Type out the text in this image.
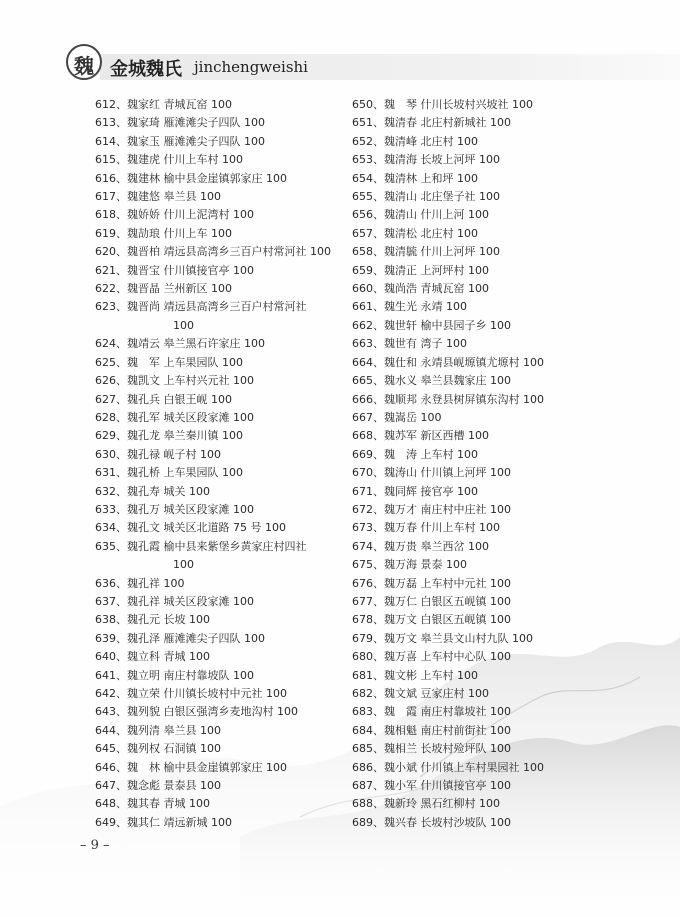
魏 金城魏氏 jinchengweishi
612、魏家红 青城瓦窑 100
613、魏家琦 雁滩滩尖子四队 100
614、魏家玉 雁滩滩尖子四队 100
615、魏建虎 什川上车村 100
616、魏建林 榆中县金崖镇郭家庄 100
617、魏建悠 皋兰县 100
618、魏娇娇 什川上泥湾村 100
619、魏劼琅 什川上车 100
620、魏晋柏 靖远县高湾乡三百户村常河社 100
621、魏晋宝 什川镇接官亭 100
622、魏晋晶 兰州新区 100
623、魏晋尚 靖远县高湾乡三百户村常河社
100
624、魏靖云 皋兰黑石许家庄 100
625、魏　军 上车果园队 100
626、魏凯文 上车村兴元社 100
627、魏孔兵 白银王岘 100
628、魏孔军 城关区段家滩 100
629、魏孔龙 皋兰秦川镇 100
630、魏孔禄 岘子村 100
631、魏孔桥 上车果园队 100
632、魏孔寿 城关 100
633、魏孔万 城关区段家滩 100
634、魏孔文 城关区北道路 75 号 100
635、魏孔霞 榆中县来紫堡乡黄家庄村四社
100
636、魏孔祥 100
637、魏孔祥 城关区段家滩 100
638、魏孔元 长坡 100
639、魏孔泽 雁滩滩尖子四队 100
640、魏立科 青城 100
641、魏立明 南庄村靠坡队 100
642、魏立荣 什川镇长坡村中元社 100
643、魏列貌 白银区强湾乡麦地沟村 100
644、魏列清 皋兰县 100
645、魏列权 石洞镇 100
646、魏　林 榆中县金崖镇郭家庄 100
647、魏念彪 景泰县 100
648、魏其春 青城 100
649、魏其仁 靖远新城 100
650、魏　琴 什川长坡村兴坡社 100
651、魏清春 北庄村新城社 100
652、魏清峰 北庄村 100
653、魏清海 长坡上河坪 100
654、魏清林 上和坪 100
655、魏清山 北庄堡子社 100
656、魏清山 什川上河 100
657、魏清松 北庄村 100
658、魏清毓 什川上河坪 100
659、魏清正 上河坪村 100
660、魏尚浩 青城瓦窑 100
661、魏生光 永靖 100
662、魏世轩 榆中县园子乡 100
663、魏世有 湾子 100
664、魏仕和 永靖县岘塬镇尤塬村 100
665、魏水义 皋兰县魏家庄 100
666、魏顺邦 永登县树屏镇东沟村 100
667、魏嵩岳 100
668、魏苏军 新区西槽 100
669、魏　涛 上车村 100
670、魏涛山 什川镇上河坪 100
671、魏同辉 接官亭 100
672、魏万才 南庄村中庄社 100
673、魏万春 什川上车村 100
674、魏万贵 皋兰西岔 100
675、魏万海 景泰 100
676、魏万磊 上车村中元社 100
677、魏万仁 白银区五岘镇 100
678、魏万文 白银区五岘镇 100
679、魏万文 皋兰县文山村九队 100
680、魏万喜 上车村中心队 100
681、魏文彬 上车村 100
682、魏文斌 豆家庄村 100
683、魏　霞 南庄村靠坡社 100
684、魏相魁 南庄村前街社 100
685、魏相兰 长坡村殓坪队 100
686、魏小斌 什川镇上车村果园社 100
687、魏小军 什川镇接官亭 100
688、魏新玲 黑石红柳村 100
689、魏兴春 长坡村沙坡队 100
– 9 –
